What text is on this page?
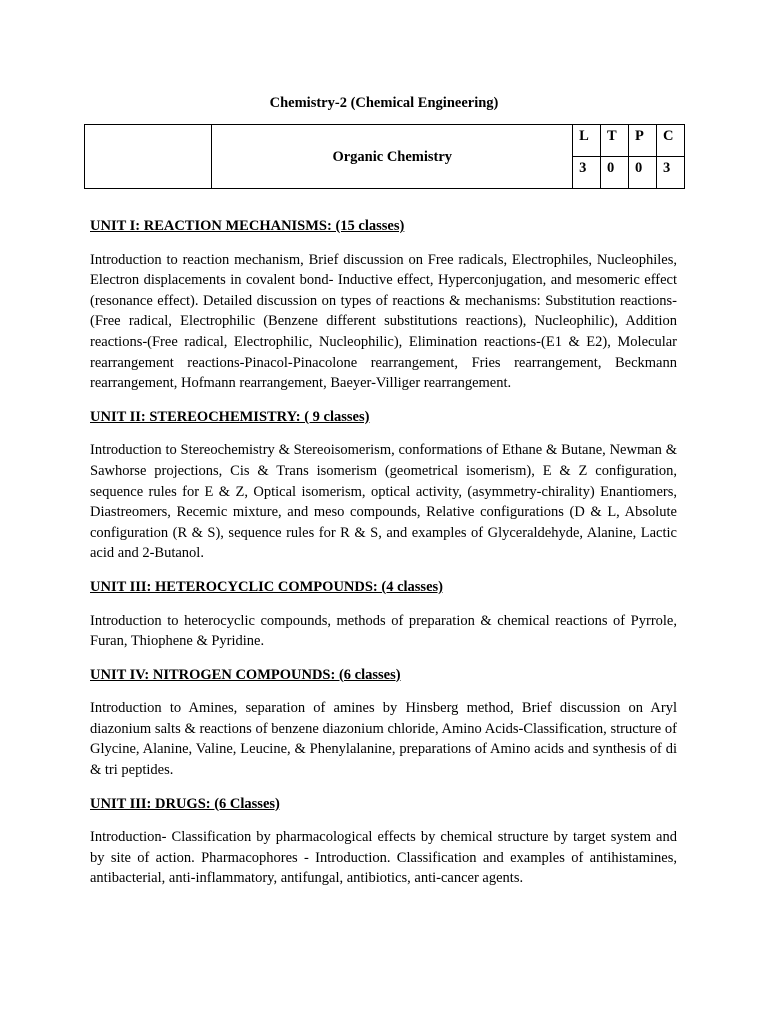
Chemistry-2 (Chemical Engineering)
	Organic Chemistry	L	T	P	C
		3	0	0	3
UNIT I: REACTION MECHANISMS: (15 classes)
Introduction to reaction mechanism, Brief discussion on Free radicals, Electrophiles, Nucleophiles, Electron displacements in covalent bond- Inductive effect, Hyperconjugation, and mesomeric effect (resonance effect). Detailed discussion on types of reactions & mechanisms: Substitution reactions-(Free radical, Electrophilic (Benzene different substitutions reactions), Nucleophilic), Addition reactions-(Free radical, Electrophilic, Nucleophilic), Elimination reactions-(E1 & E2), Molecular rearrangement reactions-Pinacol-Pinacolone rearrangement, Fries rearrangement, Beckmann rearrangement, Hofmann rearrangement, Baeyer-Villiger rearrangement.
UNIT II: STEREOCHEMISTRY: ( 9 classes)
Introduction to Stereochemistry & Stereoisomerism, conformations of Ethane & Butane, Newman & Sawhorse projections, Cis & Trans isomerism (geometrical isomerism), E & Z configuration, sequence rules for E & Z, Optical isomerism, optical activity, (asymmetry-chirality) Enantiomers, Diastreomers, Recemic mixture, and meso compounds, Relative configurations (D & L, Absolute configuration (R & S), sequence rules for R & S, and examples of Glyceraldehyde, Alanine, Lactic acid and 2-Butanol.
UNIT III: HETEROCYCLIC COMPOUNDS: (4 classes)
Introduction to heterocyclic compounds, methods of preparation & chemical reactions of Pyrrole, Furan, Thiophene & Pyridine.
UNIT IV: NITROGEN COMPOUNDS: (6 classes)
Introduction to Amines, separation of amines by Hinsberg method, Brief discussion on Aryl diazonium salts & reactions of benzene diazonium chloride, Amino Acids-Classification, structure of Glycine, Alanine, Valine, Leucine, & Phenylalanine, preparations of Amino acids and synthesis of di & tri peptides.
UNIT III: DRUGS: (6 Classes)
Introduction- Classification by pharmacological effects by chemical structure by target system and by site of action. Pharmacophores - Introduction. Classification and examples of antihistamines, antibacterial, anti-inflammatory, antifungal, antibiotics, anti-cancer agents.
